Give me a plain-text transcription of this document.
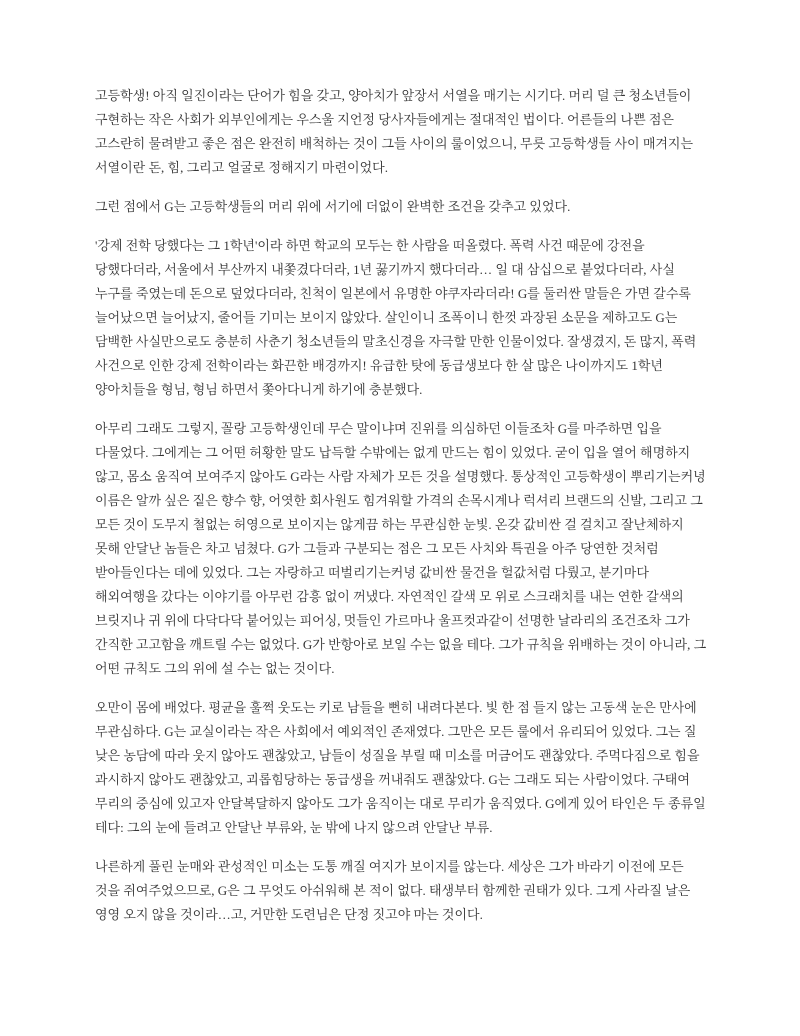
고등학생! 아직 일진이라는 단어가 힘을 갖고, 양아치가 앞장서 서열을 매기는 시기다. 머리 덜 큰 청소년들이 구현하는 작은 사회가 외부인에게는 우스울 지언정 당사자들에게는 절대적인 법이다. 어른들의 나쁜 점은 고스란히 물려받고 좋은 점은 완전히 배척하는 것이 그들 사이의 룰이었으니, 무릇 고등학생들 사이 매겨지는 서열이란 돈, 힘, 그리고 얼굴로 정해지기 마련이었다.

그런 점에서 G는 고등학생들의 머리 위에 서기에 더없이 완벽한 조건을 갖추고 있었다.

'강제 전학 당했다는 그 1학년'이라 하면 학교의 모두는 한 사람을 떠올렸다. 폭력 사건 때문에 강전을 당했다더라, 서울에서 부산까지 내쫓겼다더라, 1년 꿇기까지 했다더라… 일 대 삼십으로 붙었다더라, 사실 누구를 죽였는데 돈으로 덮었다더라, 친척이 일본에서 유명한 야쿠자라더라! G를 둘러싼 말들은 가면 갈수록 늘어났으면 늘어났지, 줄어들 기미는 보이지 않았다. 살인이니 조폭이니 한껏 과장된 소문을 제하고도 G는 담백한 사실만으로도 충분히 사춘기 청소년들의 말초신경을 자극할 만한 인물이었다. 잘생겼지, 돈 많지, 폭력 사건으로 인한 강제 전학이라는 화끈한 배경까지! 유급한 탓에 동급생보다 한 살 많은 나이까지도 1학년 양아치들을 형님, 형님 하면서 쫓아다니게 하기에 충분했다.

아무리 그래도 그렇지, 꼴랑 고등학생인데 무슨 말이냐며 진위를 의심하던 이들조차 G를 마주하면 입을 다물었다. 그에게는 그 어떤 허황한 말도 납득할 수밖에는 없게 만드는 힘이 있었다. 굳이 입을 열어 해명하지 않고, 몸소 움직여 보여주지 않아도 G라는 사람 자체가 모든 것을 설명했다. 통상적인 고등학생이 뿌리기는커녕 이름은 알까 싶은 짙은 향수 향, 어엿한 회사원도 힘겨워할 가격의 손목시계나 럭셔리 브랜드의 신발, 그리고 그 모든 것이 도무지 철없는 허영으로 보이지는 않게끔 하는 무관심한 눈빛. 온갖 값비싼 걸 걸치고 잘난체하지 못해 안달난 놈들은 차고 넘쳤다. G가 그들과 구분되는 점은 그 모든 사치와 특권을 아주 당연한 것처럼 받아들인다는 데에 있었다. 그는 자랑하고 떠벌리기는커녕 값비싼 물건을 헐값처럼 다뤘고, 분기마다 해외여행을 갔다는 이야기를 아무런 감흥 없이 꺼냈다. 자연적인 갈색 모 위로 스크래치를 내는 연한 갈색의 브릿지나 귀 위에 다닥다닥 붙어있는 피어싱, 멋들인 가르마나 울프컷과같이 선명한 날라리의 조건조차 그가 간직한 고고함을 깨트릴 수는 없었다. G가 반항아로 보일 수는 없을 테다. 그가 규칙을 위배하는 것이 아니라, 그 어떤 규칙도 그의 위에 설 수는 없는 것이다.

오만이 몸에 배었다. 평균을 훌쩍 웃도는 키로 남들을 뻔히 내려다본다. 빛 한 점 들지 않는 고동색 눈은 만사에 무관심하다. G는 교실이라는 작은 사회에서 예외적인 존재였다. 그만은 모든 룰에서 유리되어 있었다. 그는 질 낮은 농담에 따라 웃지 않아도 괜찮았고, 남들이 성질을 부릴 때 미소를 머금어도 괜찮았다. 주먹다짐으로 힘을 과시하지 않아도 괜찮았고, 괴롭힘당하는 동급생을 꺼내줘도 괜찮았다. G는 그래도 되는 사람이었다. 구태여 무리의 중심에 있고자 안달복달하지 않아도 그가 움직이는 대로 무리가 움직였다. G에게 있어 타인은 두 종류일 테다: 그의 눈에 들려고 안달난 부류와, 눈 밖에 나지 않으려 안달난 부류.

나른하게 풀린 눈매와 관성적인 미소는 도통 깨질 여지가 보이지를 않는다. 세상은 그가 바라기 이전에 모든 것을 쥐여주었으므로, G은 그 무엇도 아쉬워해 본 적이 없다. 태생부터 함께한 권태가 있다. 그게 사라질 날은 영영 오지 않을 것이라…고, 거만한 도련님은 단정 짓고야 마는 것이다.
